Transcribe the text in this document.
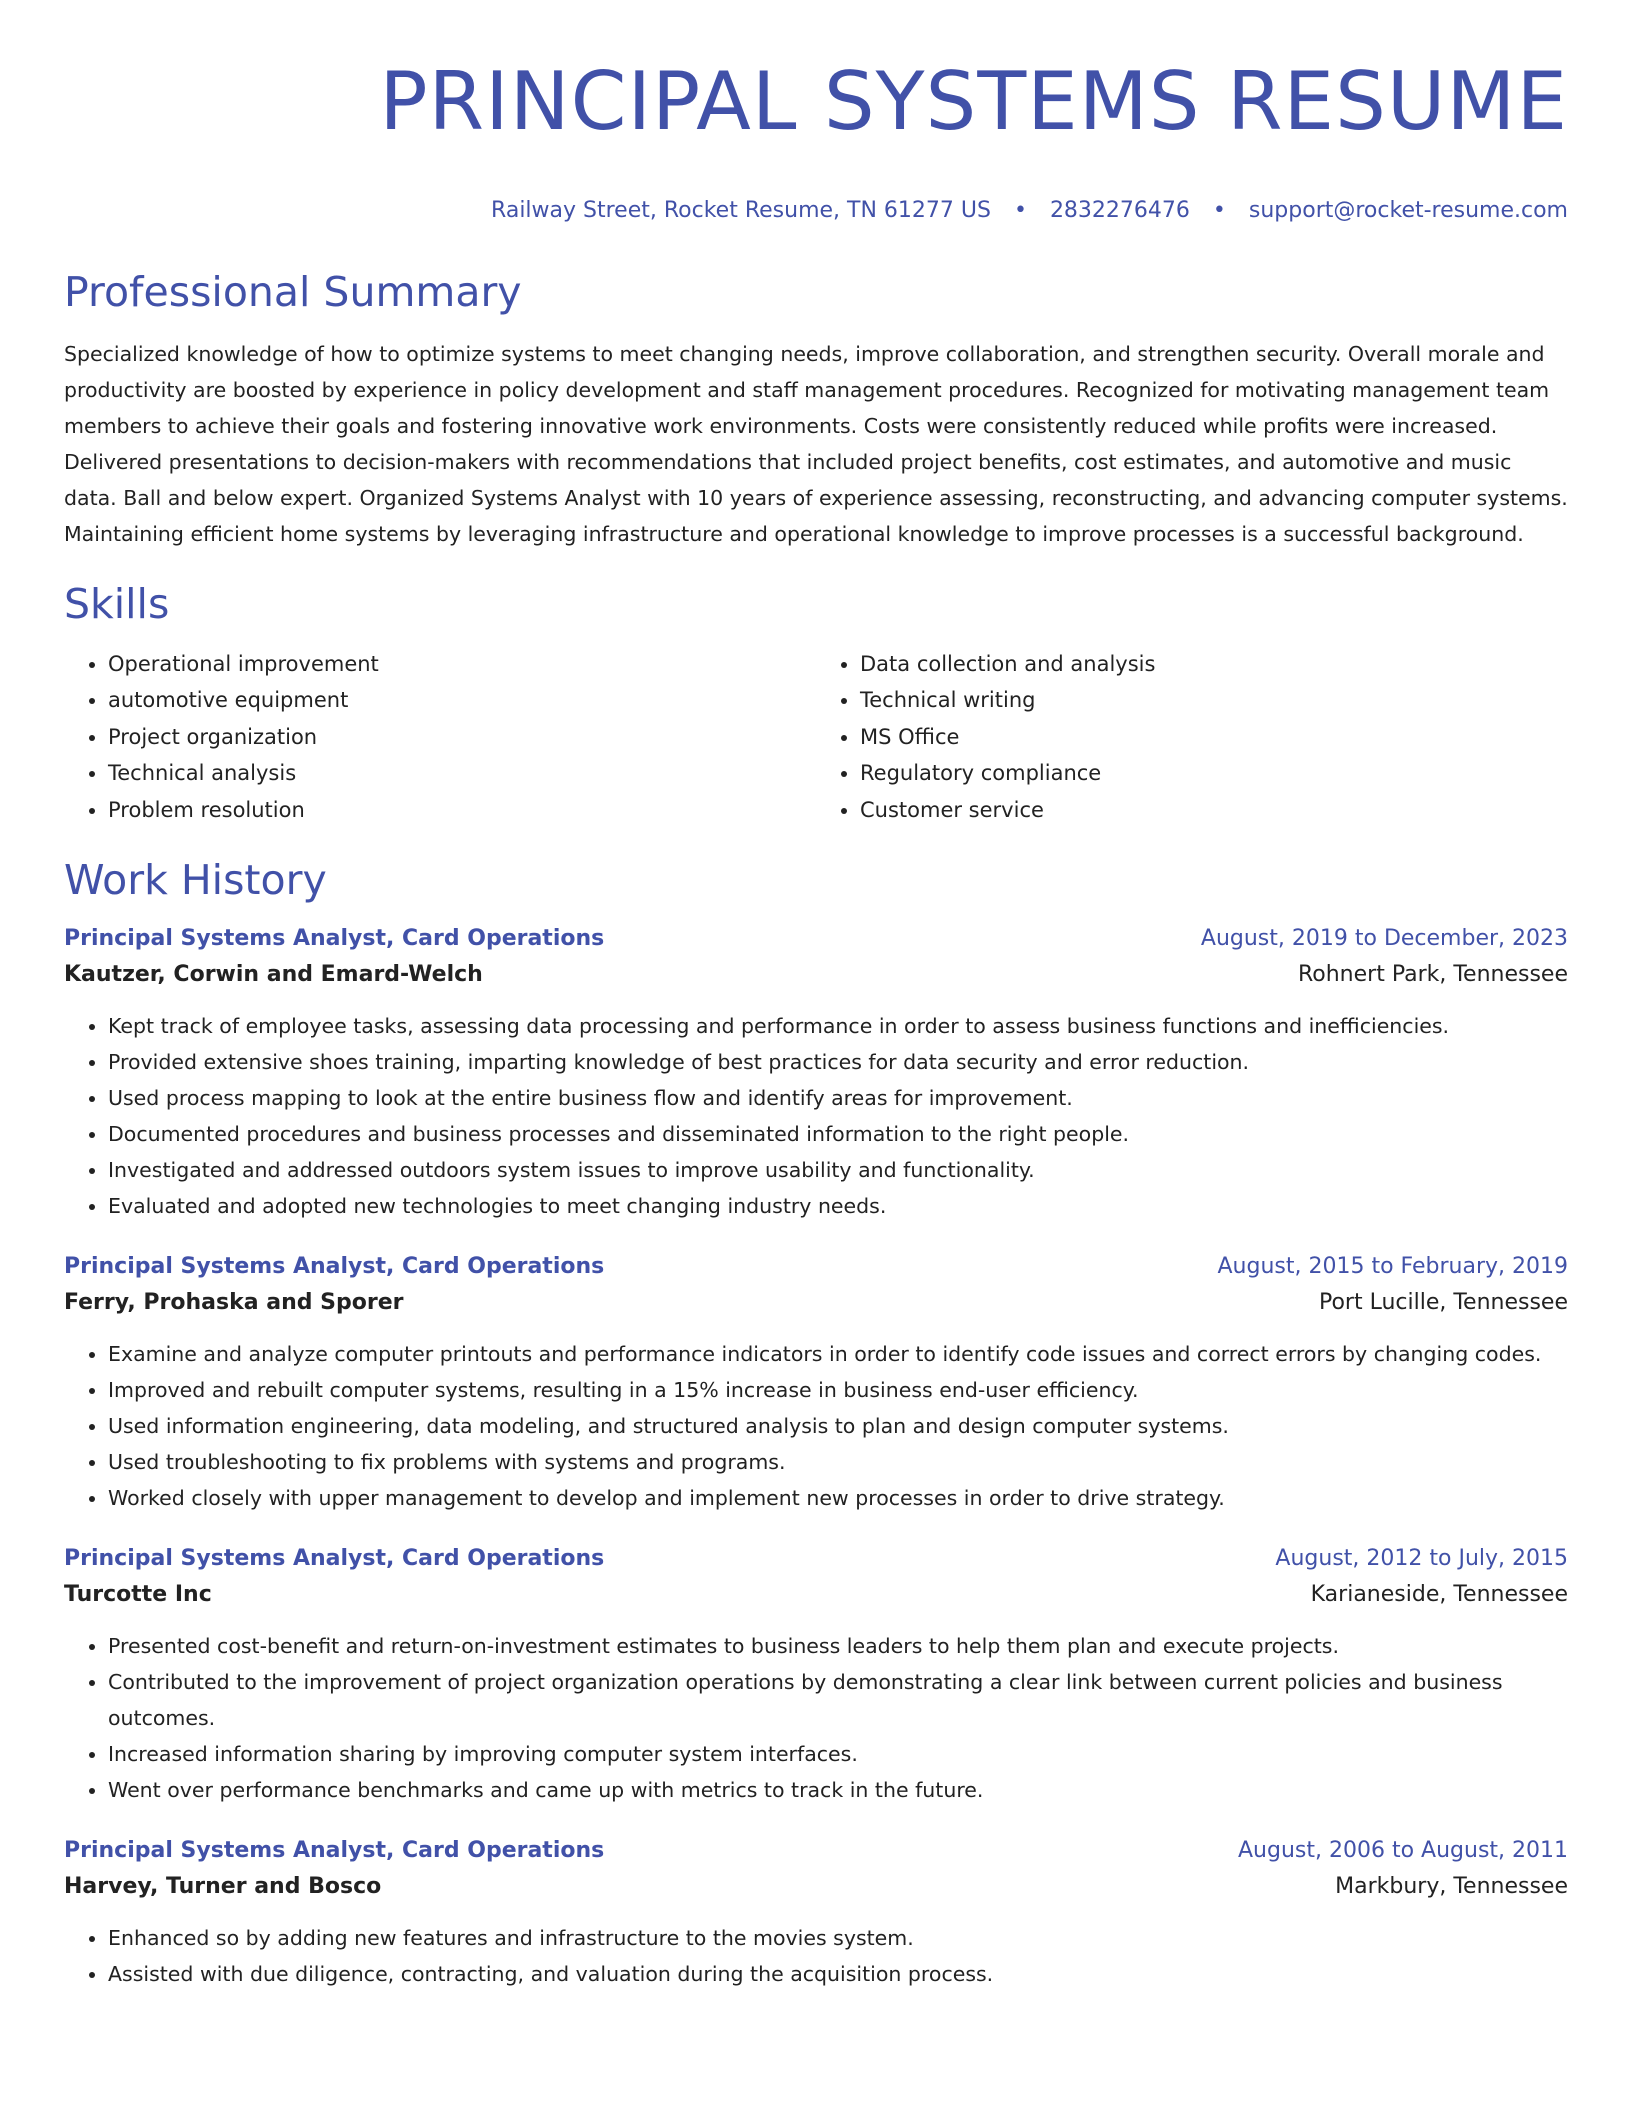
PRINCIPAL SYSTEMS RESUME
Railway Street, Rocket Resume, TN 61277 US • 2832276476 • support@rocket-resume.com
Professional Summary
Specialized knowledge of how to optimize systems to meet changing needs, improve collaboration, and strengthen security. Overall morale and productivity are boosted by experience in policy development and staff management procedures. Recognized for motivating management team members to achieve their goals and fostering innovative work environments. Costs were consistently reduced while profits were increased. Delivered presentations to decision-makers with recommendations that included project benefits, cost estimates, and automotive and music data. Ball and below expert. Organized Systems Analyst with 10 years of experience assessing, reconstructing, and advancing computer systems. Maintaining efficient home systems by leveraging infrastructure and operational knowledge to improve processes is a successful background.
Skills
• Operational improvement
• automotive equipment
• Project organization
• Technical analysis
• Problem resolution
• Data collection and analysis
• Technical writing
• MS Office
• Regulatory compliance
• Customer service
Work History
Principal Systems Analyst, Card Operations	August, 2019 to December, 2023
Kautzer, Corwin and Emard-Welch	Rohnert Park, Tennessee
• Kept track of employee tasks, assessing data processing and performance in order to assess business functions and inefficiencies.
• Provided extensive shoes training, imparting knowledge of best practices for data security and error reduction.
• Used process mapping to look at the entire business flow and identify areas for improvement.
• Documented procedures and business processes and disseminated information to the right people.
• Investigated and addressed outdoors system issues to improve usability and functionality.
• Evaluated and adopted new technologies to meet changing industry needs.
Principal Systems Analyst, Card Operations	August, 2015 to February, 2019
Ferry, Prohaska and Sporer	Port Lucille, Tennessee
• Examine and analyze computer printouts and performance indicators in order to identify code issues and correct errors by changing codes.
• Improved and rebuilt computer systems, resulting in a 15% increase in business end-user efficiency.
• Used information engineering, data modeling, and structured analysis to plan and design computer systems.
• Used troubleshooting to fix problems with systems and programs.
• Worked closely with upper management to develop and implement new processes in order to drive strategy.
Principal Systems Analyst, Card Operations	August, 2012 to July, 2015
Turcotte Inc	Karianeside, Tennessee
• Presented cost-benefit and return-on-investment estimates to business leaders to help them plan and execute projects.
• Contributed to the improvement of project organization operations by demonstrating a clear link between current policies and business outcomes.
• Increased information sharing by improving computer system interfaces.
• Went over performance benchmarks and came up with metrics to track in the future.
Principal Systems Analyst, Card Operations	August, 2006 to August, 2011
Harvey, Turner and Bosco	Markbury, Tennessee
• Enhanced so by adding new features and infrastructure to the movies system.
• Assisted with due diligence, contracting, and valuation during the acquisition process.
